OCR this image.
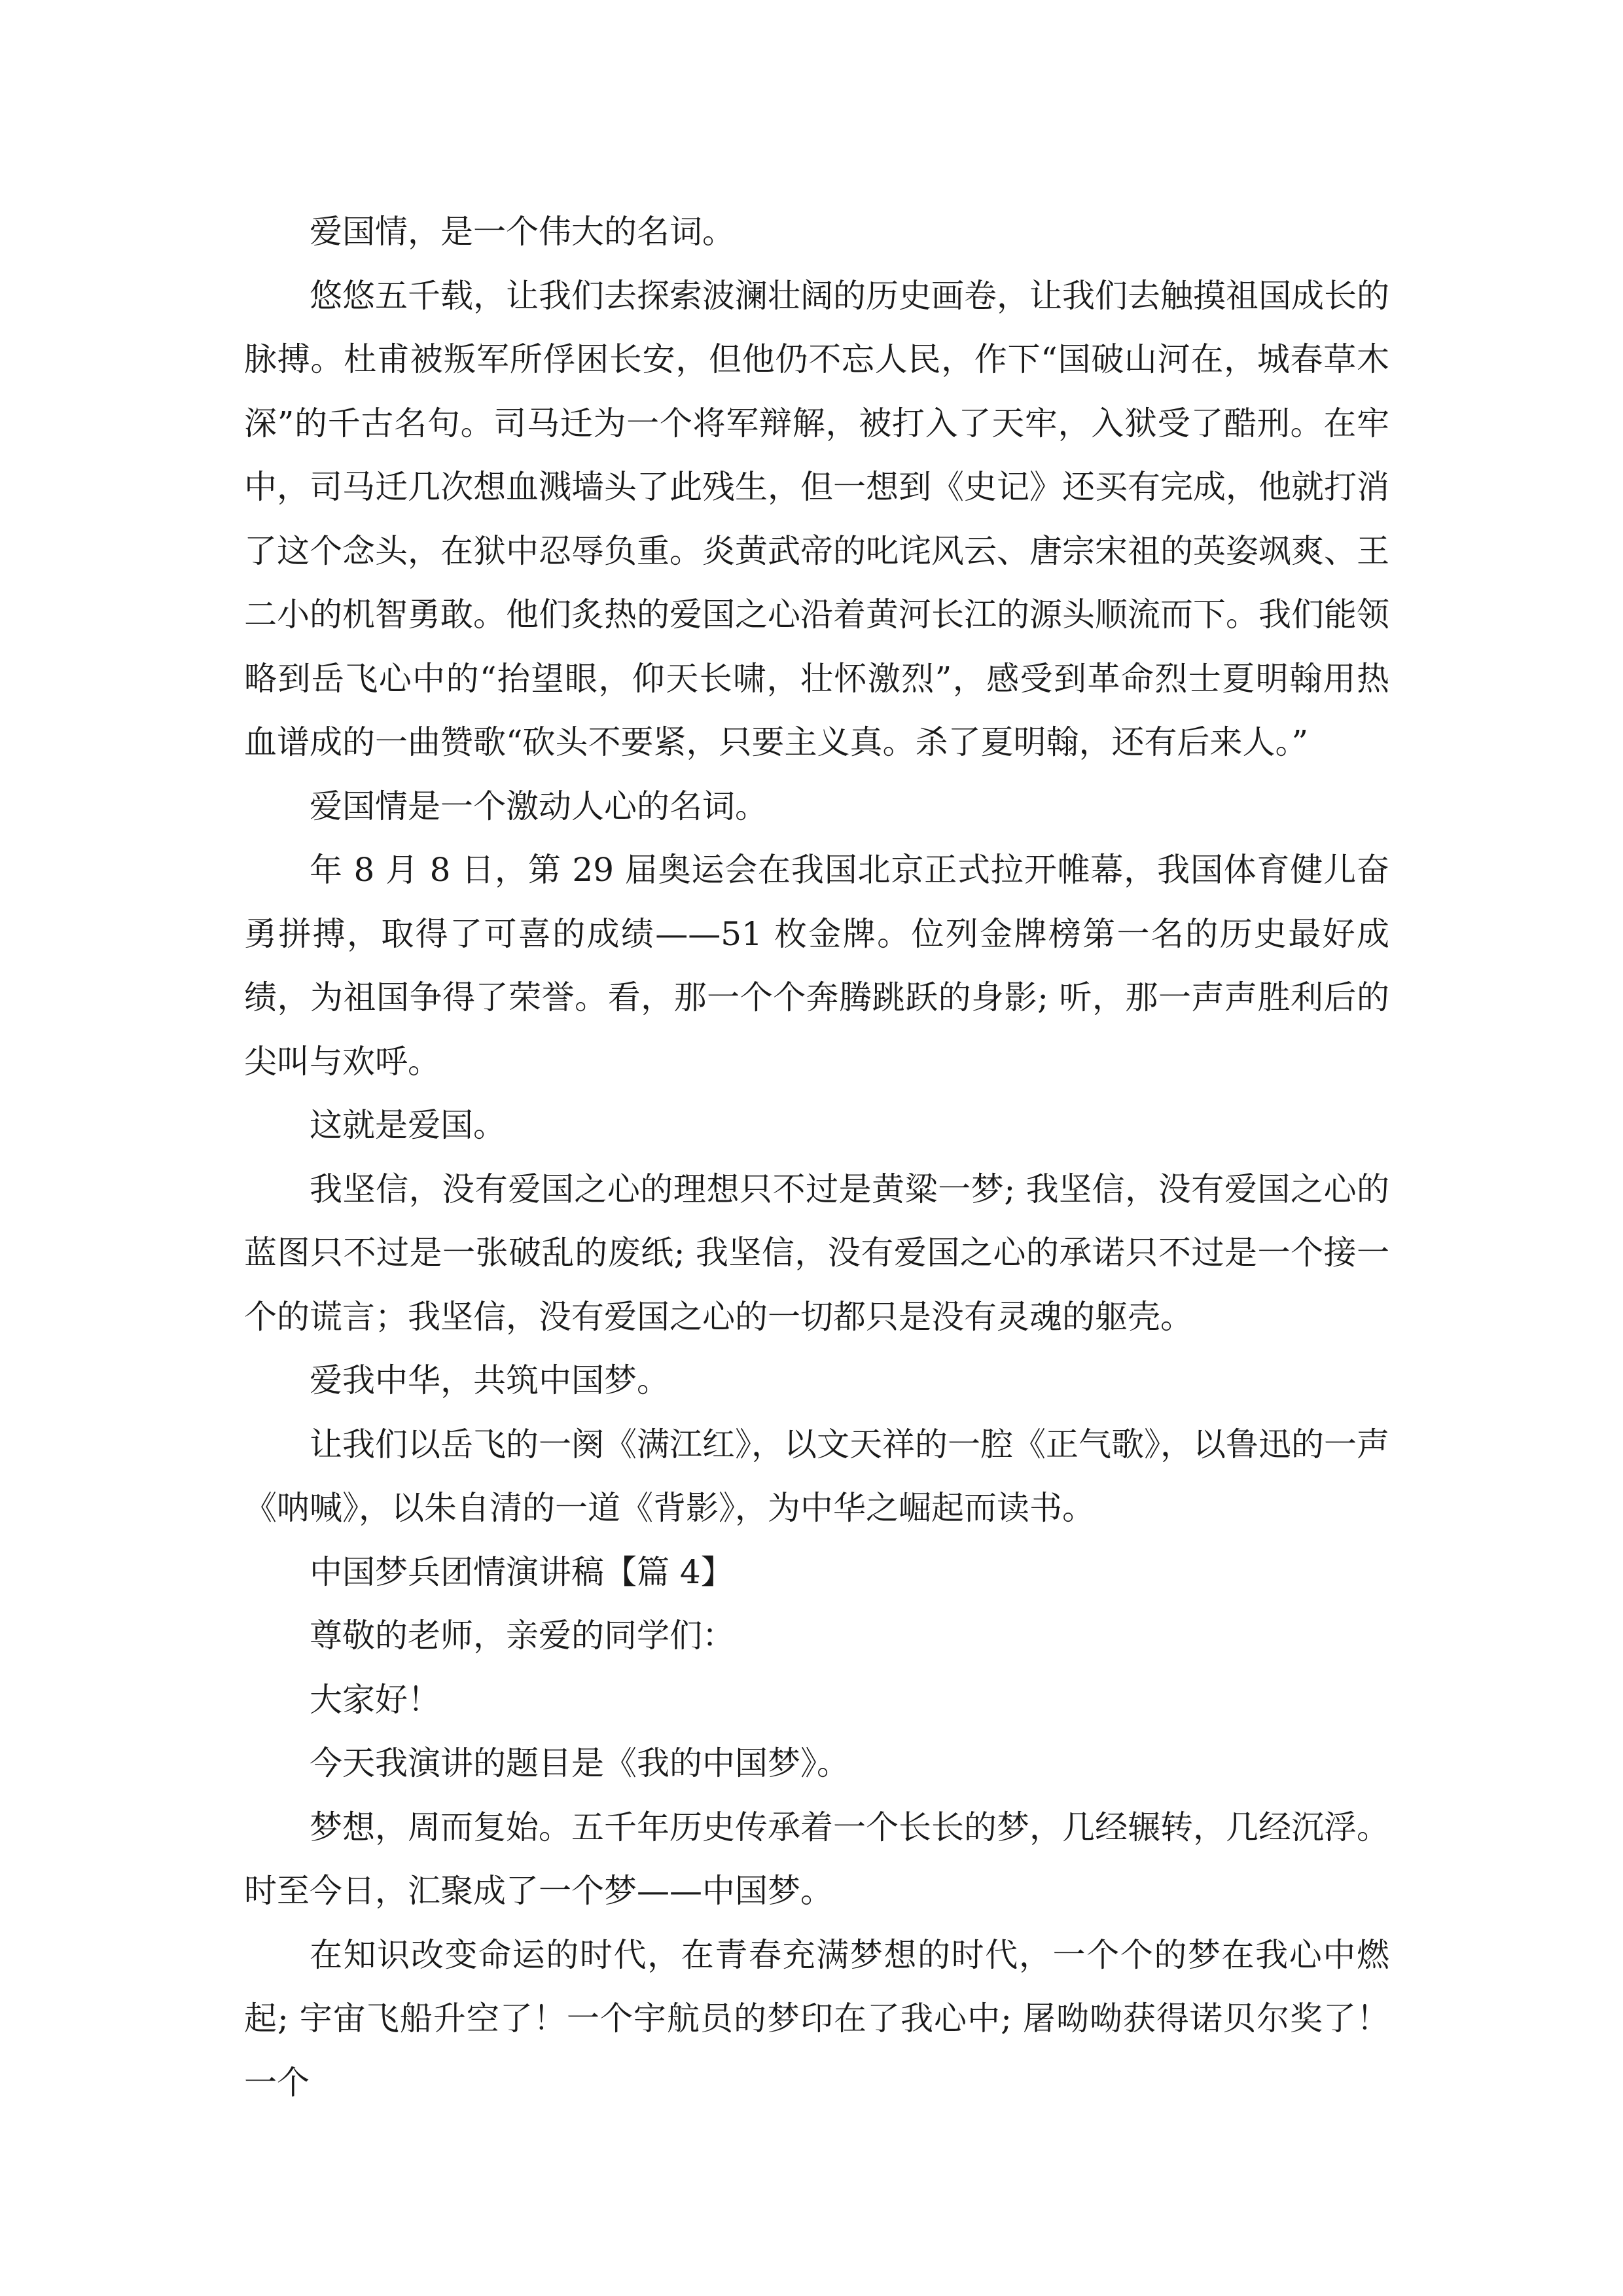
爱国情，是一个伟大的名词。

悠悠五千载，让我们去探索波澜壮阔的历史画卷，让我们去触摸祖国成长的脉搏。杜甫被叛军所俘困长安，但他仍不忘人民，作下“国破山河在，城春草木深”的千古名句。司马迁为一个将军辩解，被打入了天牢，入狱受了酷刑。在牢中，司马迁几次想血溅墙头了此残生，但一想到《史记》还买有完成，他就打消了这个念头，在狱中忍辱负重。炎黄武帝的叱诧风云、唐宗宋祖的英姿飒爽、王二小的机智勇敢。他们炙热的爱国之心沿着黄河长江的源头顺流而下。我们能领略到岳飞心中的“抬望眼，仰天长啸，壮怀激烈”，感受到革命烈士夏明翰用热血谱成的一曲赞歌“砍头不要紧，只要主义真。杀了夏明翰，还有后来人。”

爱国情是一个激动人心的名词。

年 8 月 8 日，第 29 届奥运会在我国北京正式拉开帷幕，我国体育健儿奋勇拼搏，取得了可喜的成绩——51 枚金牌。位列金牌榜第一名的历史最好成绩，为祖国争得了荣誉。看，那一个个奔腾跳跃的身影; 听，那一声声胜利后的尖叫与欢呼。

这就是爱国。

我坚信，没有爱国之心的理想只不过是黄粱一梦; 我坚信，没有爱国之心的蓝图只不过是一张破乱的废纸; 我坚信，没有爱国之心的承诺只不过是一个接一个的谎言；我坚信，没有爱国之心的一切都只是没有灵魂的躯壳。

爱我中华，共筑中国梦。

让我们以岳飞的一阕《满江红》，以文天祥的一腔《正气歌》，以鲁迅的一声《呐喊》，以朱自清的一道《背影》，为中华之崛起而读书。

中国梦兵团情演讲稿【篇 4】

尊敬的老师，亲爱的同学们：

大家好！

今天我演讲的题目是《我的中国梦》。

梦想，周而复始。五千年历史传承着一个长长的梦，几经辗转，几经沉浮。时至今日，汇聚成了一个梦——中国梦。

在知识改变命运的时代，在青春充满梦想的时代，一个个的梦在我心中燃起; 宇宙飞船升空了！一个宇航员的梦印在了我心中; 屠呦呦获得诺贝尔奖了！一个
